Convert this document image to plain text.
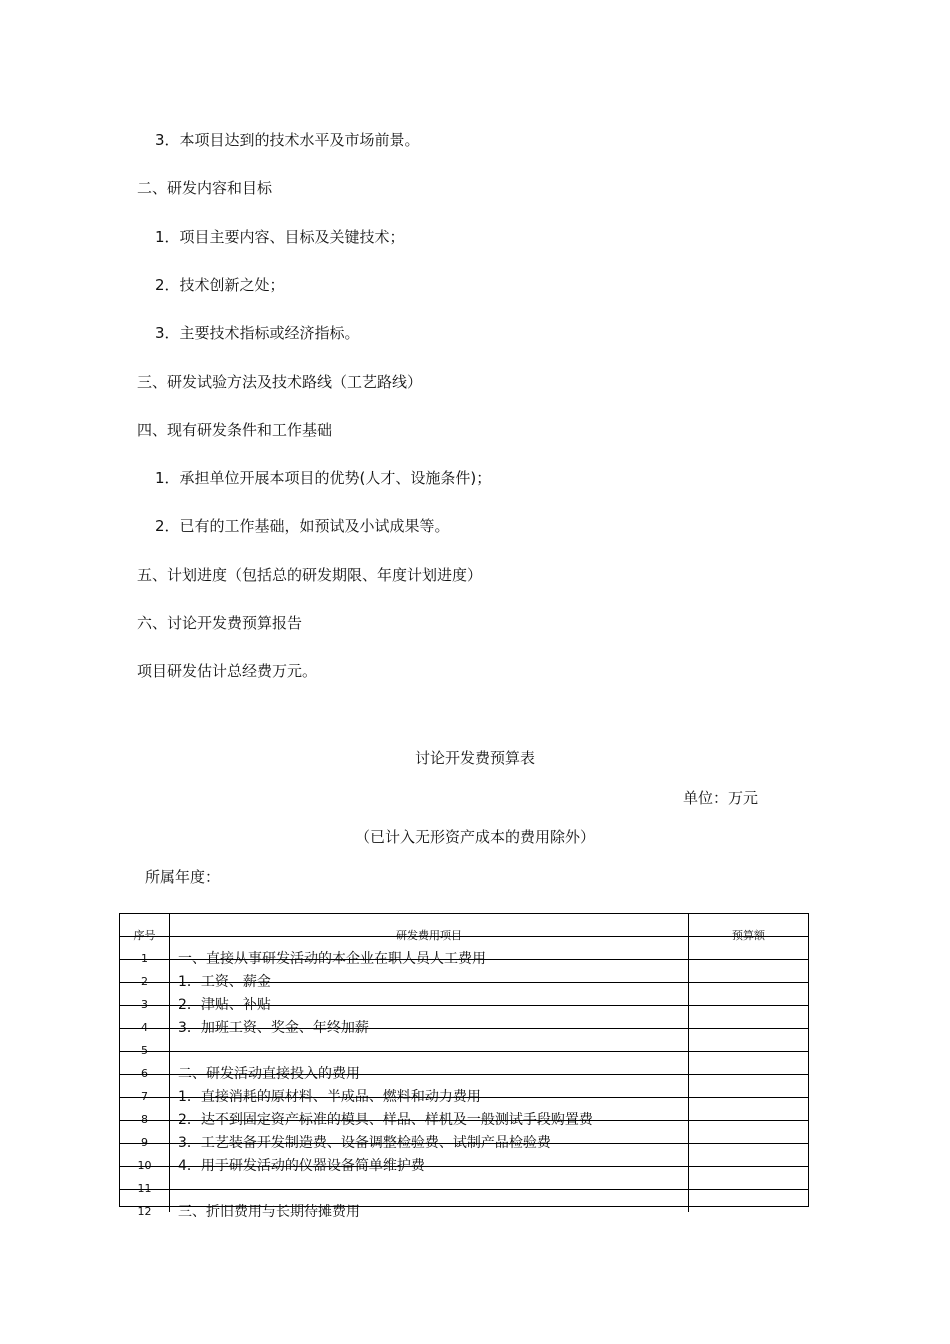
3．本项目达到的技术水平及市场前景。
二、研发内容和目标
1．项目主要内容、目标及关键技术；
2．技术创新之处；
3．主要技术指标或经济指标。
三、研发试验方法及技术路线（工艺路线）
四、现有研发条件和工作基础
1．承担单位开展本项目的优势(人才、设施条件)；
2．已有的工作基础，如预试及小试成果等。
五、计划进度（包括总的研发期限、年度计划进度）
六、讨论开发费预算报告
项目研发估计总经费万元。
讨论开发费预算表
单位：万元
（已计入无形资产成本的费用除外）
所属年度：
序号	研发费用项目	预算额
1	一、直接从事研发活动的本企业在职人员人工费用
2	1．工资、薪金
3	2．津贴、补贴
4	3．加班工资、奖金、年终加薪
5
6	二、研发活动直接投入的费用
7	1．直接消耗的原材料、半成品、燃料和动力费用
8	2．达不到固定资产标准的模具、样品、样机及一般测试手段购置费
9	3．工艺装备开发制造费、设备调整检验费、试制产品检验费
10	4．用于研发活动的仪器设备简单维护费
11
12	三、折旧费用与长期待摊费用
